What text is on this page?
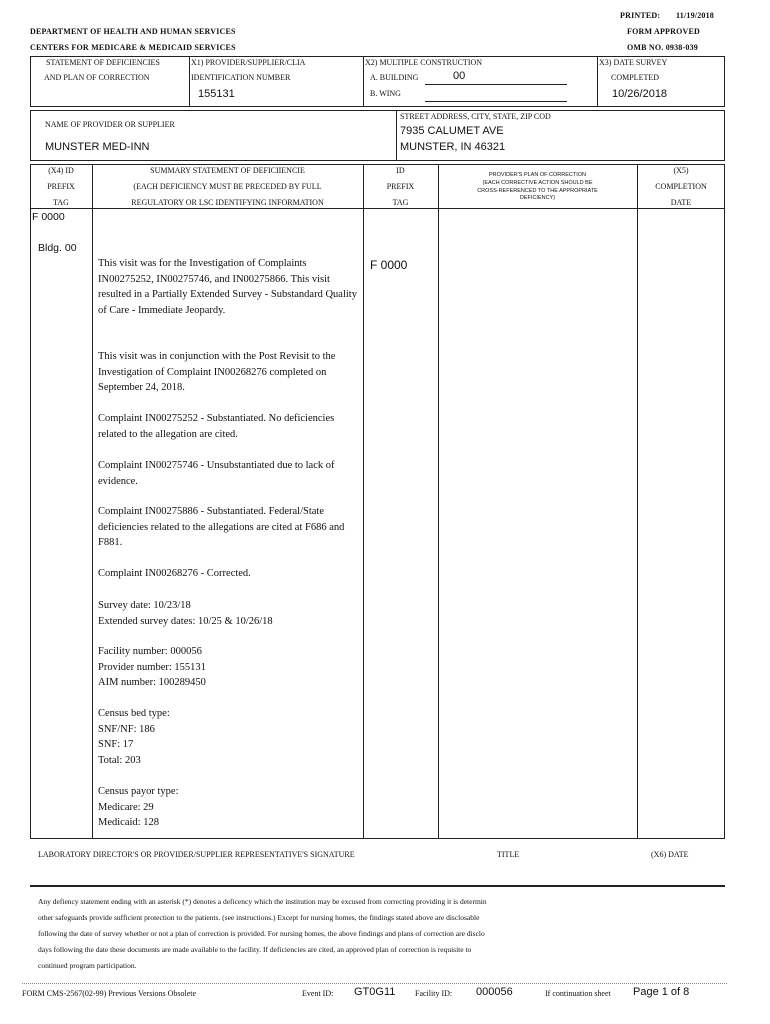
PRINTED: 11/19/2018
FORM APPROVED
OMB NO. 0938-039
DEPARTMENT OF HEALTH AND HUMAN SERVICES
CENTERS FOR MEDICARE & MEDICAID SERVICES
STATEMENT OF DEFICIENCIES
AND PLAN OF CORRECTION
X1) PROVIDER/SUPPLIER/CLIA
IDENTIFICATION NUMBER
155131
X2) MULTIPLE CONSTRUCTION
A. BUILDING	00
B. WING
X3) DATE SURVEY
COMPLETED
10/26/2018
NAME OF PROVIDER OR SUPPLIER
MUNSTER MED-INN
STREET ADDRESS, CITY, STATE, ZIP COD
7935 CALUMET AVE
MUNSTER, IN 46321
(X4) ID
PREFIX
TAG
SUMMARY STATEMENT OF DEFICIIENCIE
(EACH DEFICIENCY MUST BE PRECEDED BY FULL
REGULATORY OR LSC IDENTIFYING INFORMATION
ID
PREFIX
TAG
PROVIDER'S PLAN OF CORRECTION
(EACH CORRECTIVE ACTION SHOULD BE
CROSS-REFERENCED TO THE APPROPRIATE
DEFICIENCY)
(X5)
COMPLETION
DATE
F 0000
Bldg. 00
F 0000
This visit was for the Investigation of Complaints IN00275252, IN00275746, and IN00275866. This visit resulted in a Partially Extended Survey - Substandard Quality of Care - Immediate Jeopardy.
This visit was in conjunction with the Post Revisit to the Investigation of Complaint IN00268276 completed on September 24, 2018.
Complaint IN00275252 - Substantiated. No deficiencies related to the allegation are cited.
Complaint IN00275746 - Unsubstantiated due to lack of evidence.
Complaint IN00275886 - Substantiated. Federal/State deficiencies related to the allegations are cited at F686 and F881.
Complaint IN00268276 - Corrected.
Survey date: 10/23/18
Extended survey dates: 10/25 & 10/26/18
Facility number: 000056
Provider number: 155131
AIM number: 100289450
Census bed type:
SNF/NF: 186
SNF: 17
Total: 203
Census payor type:
Medicare: 29
Medicaid: 128
LABORATORY DIRECTOR'S OR PROVIDER/SUPPLIER REPRESENTATIVE'S SIGNATURE	TITLE	(X6) DATE
Any defiency statement ending with an asterisk (*) denotes a deficency which the institution may be excused from correcting providing it is determin
other safeguards provide sufficient protection to the patients. (see instructions.) Except for nursing homes, the findings stated above are disclosable
following the date of survey whether or not a plan of correction is provided. For nursing homes, the above findings and plans of correction are disclo
days following the date these documents are made available to the facility. If deficiencies are cited, an approved plan of correction is requisite to
continued program participation.
FORM CMS-2567(02-99) Previous Versions Obsolete	Event ID: GT0G11 Facility ID: 000056	If continuation sheet Page 1 of 8
